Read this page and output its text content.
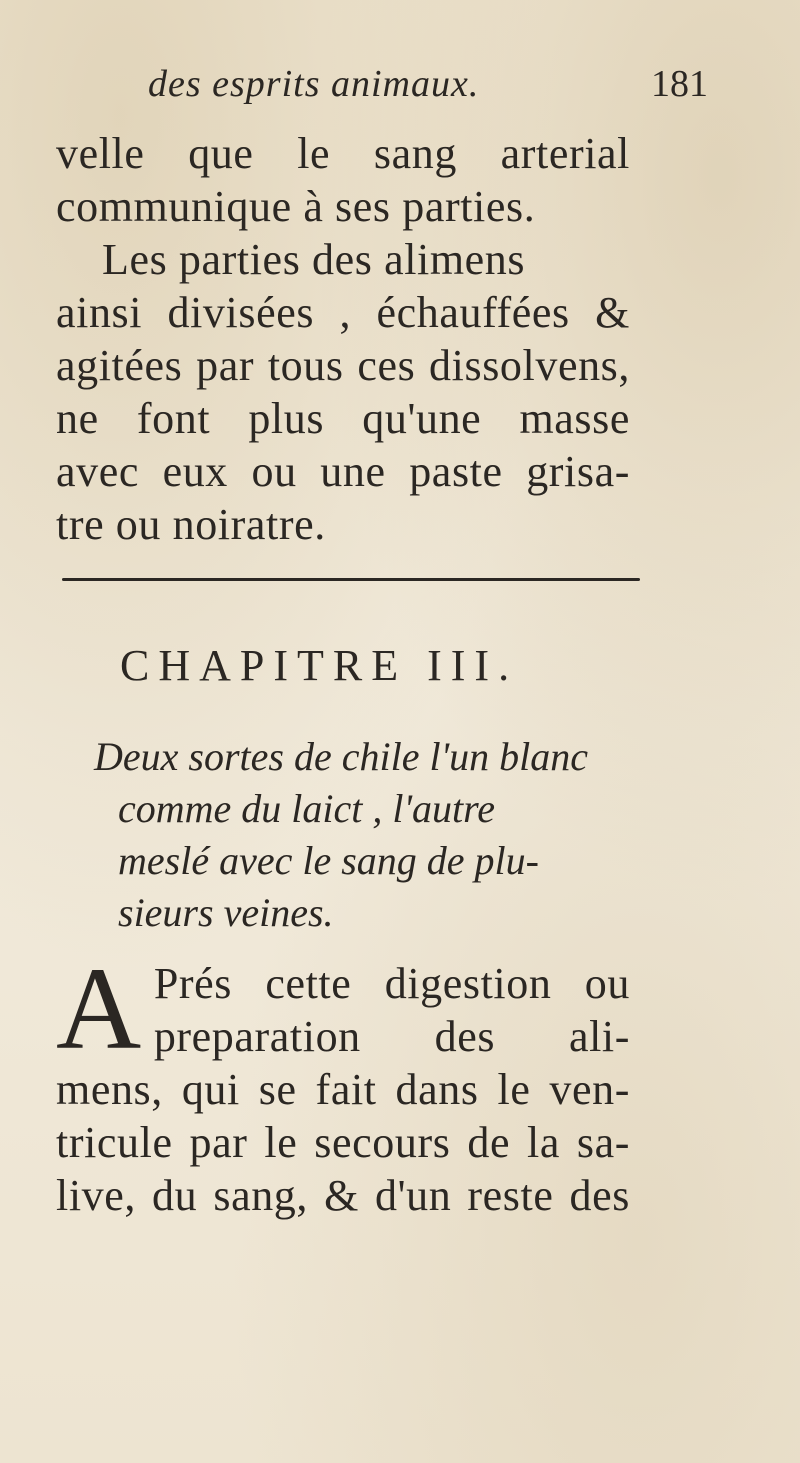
des esprits animaux.	181
velle que le sang arterial
communique à ses parties.
Les parties des alimens
ainsi divisées , échauffées &
agitées par tous ces dissolvens,
ne font plus qu'une masse
avec eux ou une paste grisa-
tre ou noiratre.
CHAPITRE III.
Deux sortes de chile l'un blanc
comme du laict , l'autre
meslé avec le sang de plu-
sieurs veines.
A Prés cette digestion ou
preparation des ali-
mens, qui se fait dans le ven-
tricule par le secours de la sa-
live, du sang, & d'un reste des
